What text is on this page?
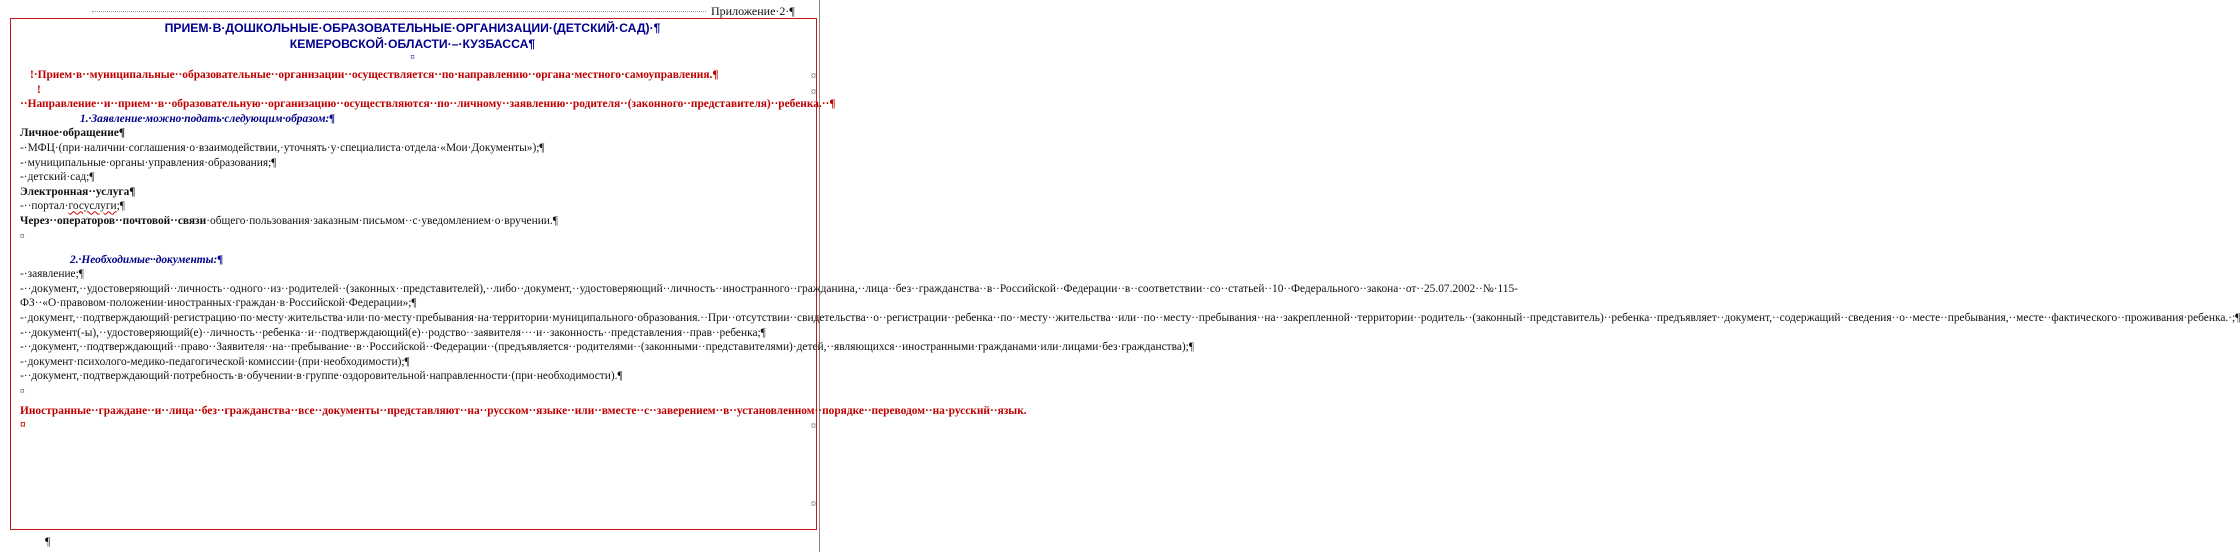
Приложение·2·¶
¤
¤
¤
¤
ПРИЕМ·В·ДОШКОЛЬНЫЕ·ОБРАЗОВАТЕЛЬНЫЕ·ОРГАНИЗАЦИИ·(ДЕТСКИЙ·САД)·¶
КЕМЕРОВСКОЙ·ОБЛАСТИ·–·КУЗБАССА¶
¤

!·Прием·в··муниципальные··образовательные··организации··осуществляется··по·направлению··органа·местного·самоуправления.¶

!··Направление··и··прием··в··образовательную··организацию··осуществляются··по··личному··заявлению··родителя··(законного··представителя)··ребенка.··¶

1.·Заявление·можно·подать·следующим·образом:¶

Личное·обращение¶

-·МФЦ·(при·наличии·соглашения·о·взаимодействии,·уточнять·у·специалиста·отдела·«Мои·Документы»);¶

-·муниципальные·органы·управления·образования;¶

-·детский·сад;¶

Электронная··услуга¶

-··портал·госуслуги;¶

Через··операторов··почтовой··связи·общего·пользования·заказным·письмом··с·уведомлением·о·вручении.¶

¤

2.·Необходимые··документы:¶

-·заявление;¶

-··документ,··удостоверяющий··личность··одного··из··родителей··(законных··представителей),··либо··документ,··удостоверяющий··личность··иностранного··гражданина,··лица··без··гражданства··в··Российской··Федерации··в··соответствии··со··статьей··10··Федерального··закона··от··25.07.2002··№·115-ФЗ··«О·правовом·положении·иностранных·граждан·в·Российской·Федерации»;¶

-·документ,··подтверждающий·регистрацию·по·месту·жительства·или·по·месту·пребывания·на·территории·муниципального·образования.··При··отсутствии··свидетельства··о··регистрации··ребенка··по··месту··жительства··или··по··месту··пребывания··на··закрепленной··территории··родитель··(законный··представитель)··ребенка··предъявляет··документ,··содержащий··сведения··о··месте··пребывания,··месте··фактического··проживания·ребенка.·;¶

-··документ(-ы),··удостоверяющий(е)··личность··ребенка··и··подтверждающий(е)··родство··заявителя····и··законность··представления··прав··ребенка;¶

-··документ,··подтверждающий··право··Заявителя··на··пребывание··в··Российской··Федерации··(предъявляется··родителями··(законными··представителями)·детей,··являющихся··иностранными·гражданами·или·лицами·без·гражданства);¶

-·документ·психолого-медико-педагогической·комиссии·(при·необходимости);¶

-··документ,·подтверждающий·потребность·в·обучении·в·группе·оздоровительной·направленности·(при·необходимости).¶

¤

Иностранные··граждане··и··лица··без··гражданства··все··документы··представляют··на··русском··языке··или··вместе··с··заверением··в··установленном··порядке··переводом··на·русский··язык.¤

¶
